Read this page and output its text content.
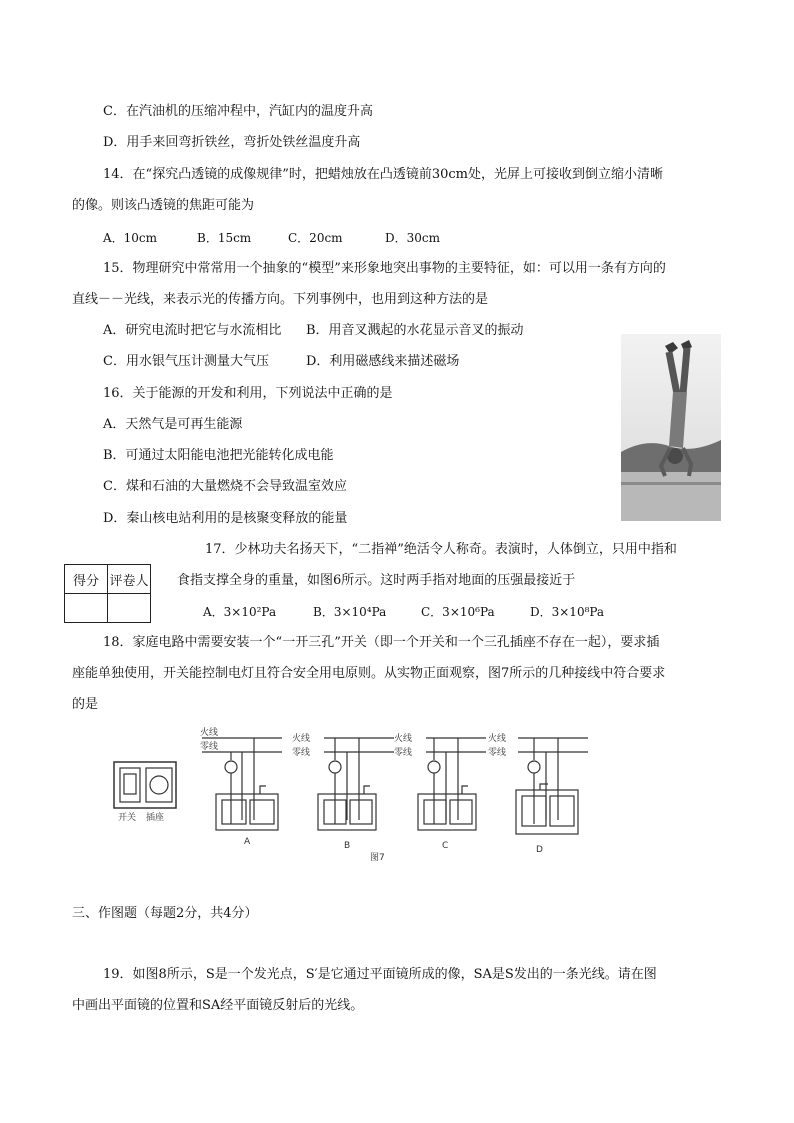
C．在汽油机的压缩冲程中，汽缸内的温度升高
D．用手来回弯折铁丝，弯折处铁丝温度升高
14．在“探究凸透镜的成像规律”时，把蜡烛放在凸透镜前30cm处，光屏上可接收到倒立缩小清晰
的像。则该凸透镜的焦距可能为
A．10cm	B．15cm	C．20cm	D．30cm
15．物理研究中常常用一个抽象的“模型”来形象地突出事物的主要特征，如：可以用一条有方向的
直线－－光线，来表示光的传播方向。下列事例中，也用到这种方法的是
A．研究电流时把它与水流相比 B．用音叉溅起的水花显示音叉的振动
C．用水银气压计测量大气压	D．利用磁感线来描述磁场
16．关于能源的开发和利用，下列说法中正确的是
A．天然气是可再生能源
B．可通过太阳能电池把光能转化成电能
C．煤和石油的大量燃烧不会导致温室效应
D．秦山核电站利用的是核聚变释放的能量
得分	评卷人

17．少林功夫名扬天下，“二指禅”绝活令人称奇。表演时，人体倒立，只用中指和
食指支撑全身的重量，如图6所示。这时两手指对地面的压强最接近于
A．3×10²Pa	B．3×10⁴Pa	C．3×10⁶Pa	D．3×10⁸Pa
18．家庭电路中需要安装一个“一开三孔”开关（即一个开关和一个三孔插座不存在一起），要求插
座能单独使用，开关能控制电灯且符合安全用电原则。从实物正面观察，图7所示的几种接线中符合要求
的是
开关 插座
火线
零线
火线
零线
火线
零线
火线
零线
A	B	C	D
图7
三、作图题（每题2分，共4分）
19．如图8所示，S是一个发光点，S′是它通过平面镜所成的像，SA是S发出的一条光线。请在图
中画出平面镜的位置和SA经平面镜反射后的光线。
